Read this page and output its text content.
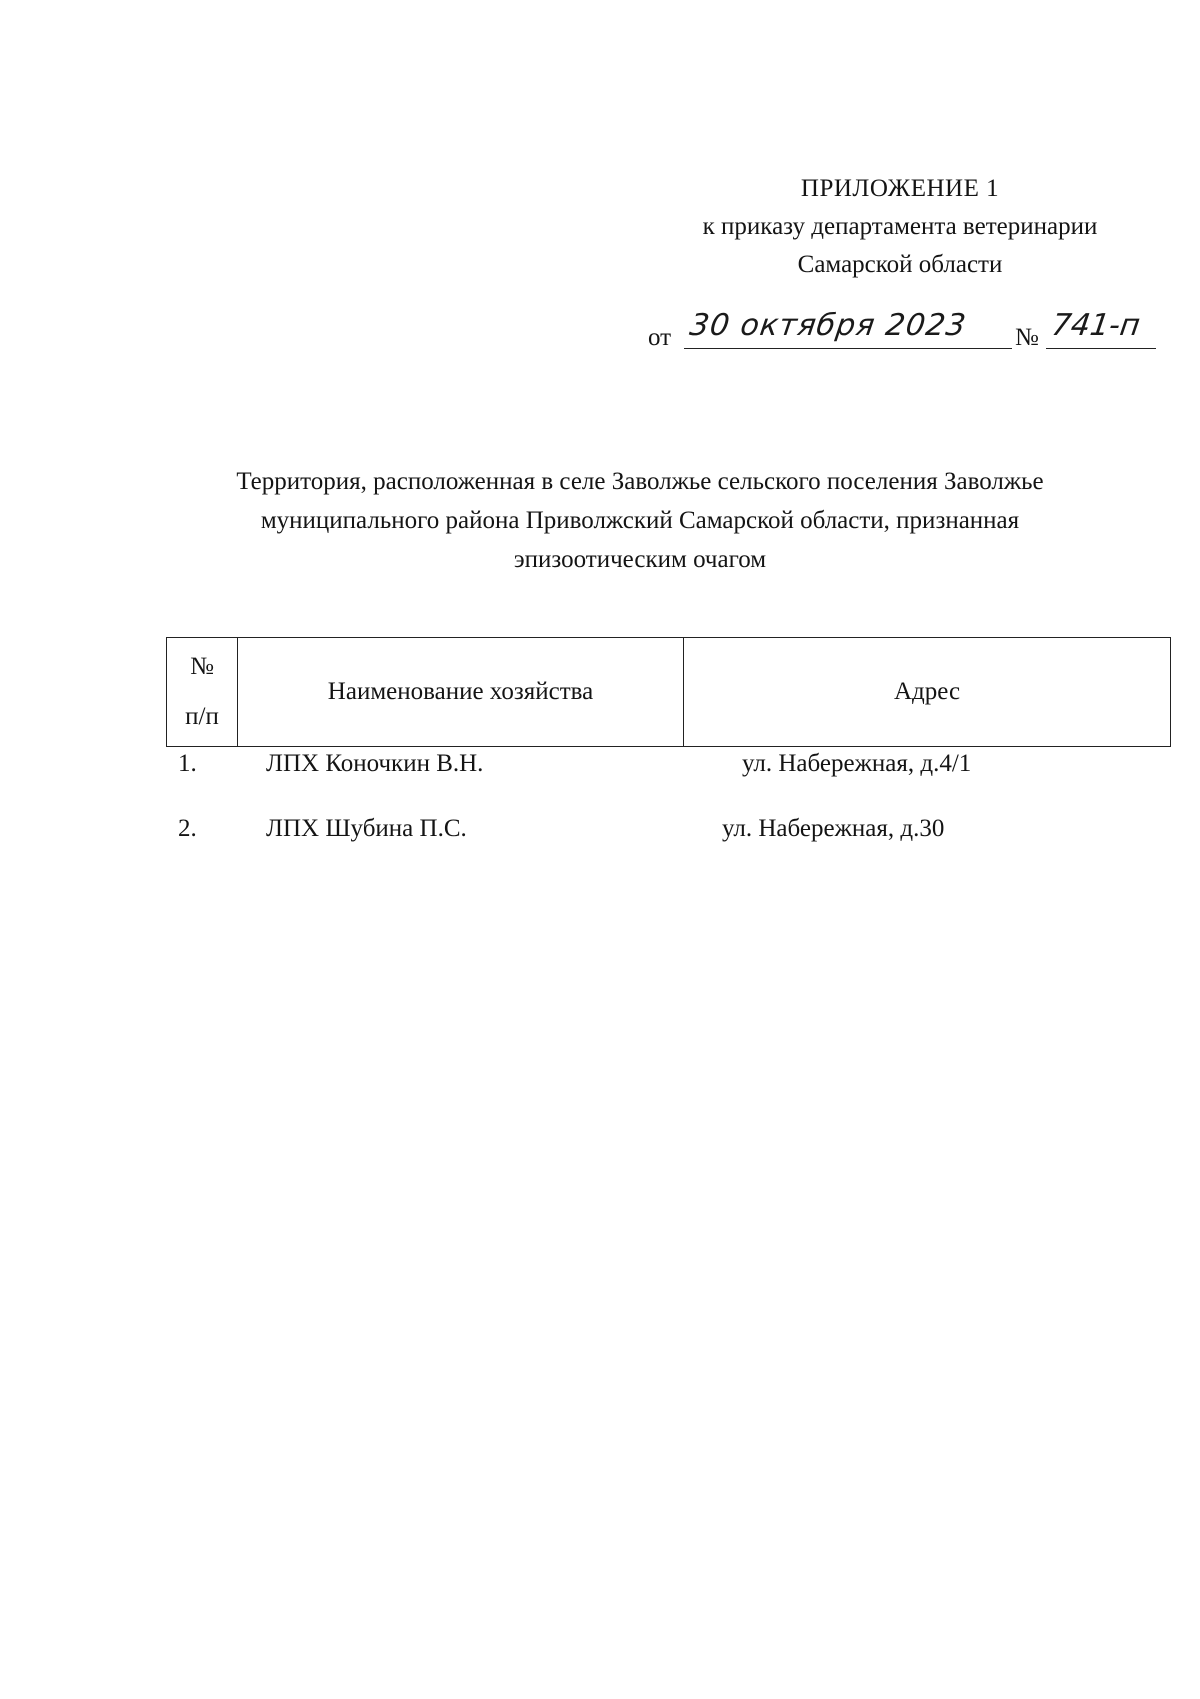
ПРИЛОЖЕНИЕ 1
к приказу департамента ветеринарии
Самарской области
от 30 октября 2023 № 741-п
Территория, расположенная в селе Заволжье сельского поселения Заволжье
муниципального района Приволжский Самарской области, признанная
эпизоотическим очагом
№
п/п
	Наименование хозяйства	Адрес
1.	ЛПХ Коночкин В.Н.	ул. Набережная, д.4/1
2.	ЛПХ Шубина П.С.	ул. Набережная, д.30
